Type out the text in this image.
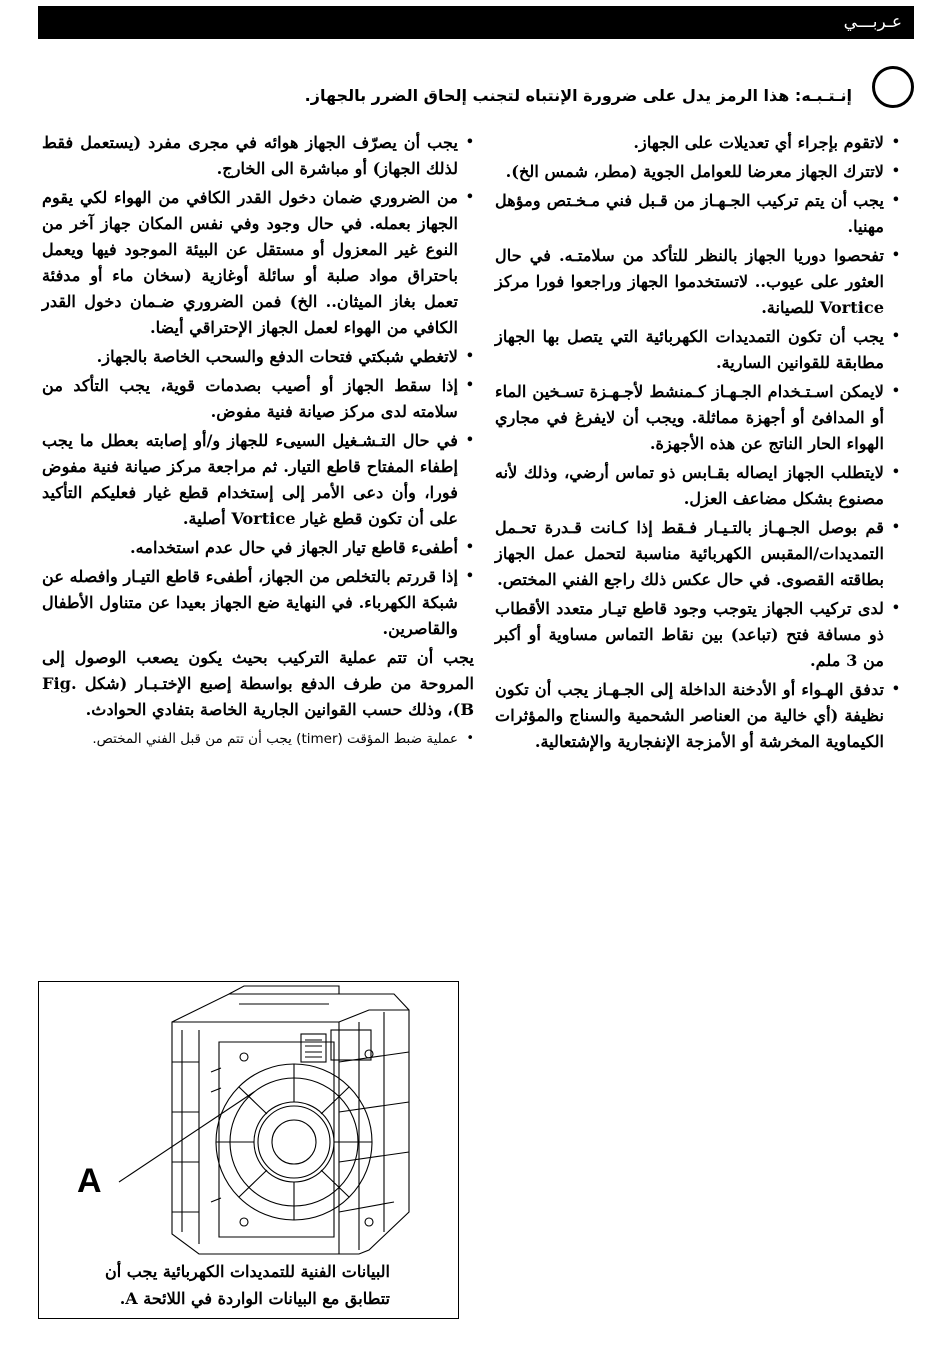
عـربـــي
إنـتـبـه: هذا الرمز يدل على ضرورة الإنتباه لتجنب إلحاق الضرر بالجهاز.
•
لاتقوم بإجراء أي تعديلات على الجهاز.
•
لاتترك الجهاز معرضا للعوامل الجوية (مطر، شمس الخ).
•
يجب أن يتم تركيب الجـهـاز من قـبل فني مـخـتص ومؤهل مهنيا.
•
تفحصوا دوريا الجهاز بالنظر للتأكد من سلامتـه. في حال العثور على عيوب.. لاتستخدموا الجهاز وراجعوا فورا مركز Vortice للصيانة.
•
يجب أن تكون التمديدات الكهربائية التي يتصل بها الجهاز مطابقة للقوانين السارية.
•
لايمكن اسـتـخدام الجـهـاز كـمنشط لأجـهـزة تسـخين الماء أو المدافئ أو أجهزة مماثلة. ويجب أن لايفرغ في مجاري الهواء الحار الناتج عن هذه الأجهزة.
•
لايتطلب الجهاز ايصاله بقـابس ذو تماس أرضي، وذلك لأنه مصنوع بشكل مضاعف العزل.
•
قم بوصل الجـهـاز بالتـيـار فـقط إذا كـانت قـدرة تحـمل التمديدات/المقبس الكهربائية مناسبة لتحمل عمل الجهاز بطاقته القصوى. في حال عكس ذلك راجع الفني المختص.
•
لدى تركيب الجهاز يتوجب وجود قاطع تيـار متعدد الأقطاب ذو مسافة فتح (تباعد) بين نقاط التماس مساوية أو أكبر من 3 ملم.
•
تدفق الهـواء أو الأدخنة الداخلة إلى الجـهـاز يجب أن تكون نظيفة (أي خالية من العناصر الشحمية والسناج والمؤثرات الكيماوية المخرشة أو الأمزجة الإنفجارية والإشتعالية.
•
يجب أن يصرّف الجهاز هوائه في مجرى مفرد (يستعمل فقط لذلك الجهاز) أو مباشرة الى الخارج.
•
من الضروري ضمان دخول القدر الكافي من الهواء لكي يقوم الجهاز بعمله. في حال وجود وفي نفس المكان جهاز آخر من النوع غير المعزول أو مستقل عن البيئة الموجود فيها ويعمل باحتراق مواد صلبة أو سائلة أوغازية (سخان ماء أو مدفئة تعمل بغاز الميثان.. الخ) فمن الضروري ضـمان دخول القدر الكافي من الهواء لعمل الجهاز الإحتراقي أيضا.
•
لاتغطي شبكتي فتحات الدفع والسحب الخاصة بالجهاز.
•
إذا سقط الجهاز أو أصيب بصدمات قوية، يجب التأكد من سلامته لدى مركز صيانة فنية مفوض.
•
في حال التـشـغيل السيىء للجهاز و/أو إصابته بعطل ما يجب إطفاء المفتاح قاطع التيار. ثم مراجعة مركز صيانة فنية مفوض فورا، وأن دعى الأمر إلى إستخدام قطع غيار فعليكم التأكيد على أن تكون قطع غيار Vortice أصلية.
•
أطفىء قاطع تيار الجهاز في حال عدم استخدامه.
•
إذا قررتم بالتخلص من الجهاز، أطفىء قاطع التيـار وافصله عن شبكة الكهرباء. في النهاية ضع الجهاز بعيدا عن متناول الأطفال والقاصرين.
يجب أن تتم عملية التركيب بحيث يكون يصعب الوصول إلى المروحة من طرف الدفع بواسطة إصبع الإختـبـار (شكل Fig. B)، وذلك حسب القوانين الجارية الخاصة بتفادي الحوادث.
•
عملية ضبط المؤقت (timer) يجب أن تتم من قبل الفني المختص.
A
البيانات الفنية للتمديدات الكهربائية يجب أن تتطابق مع البيانات الواردة في اللائحة A.
